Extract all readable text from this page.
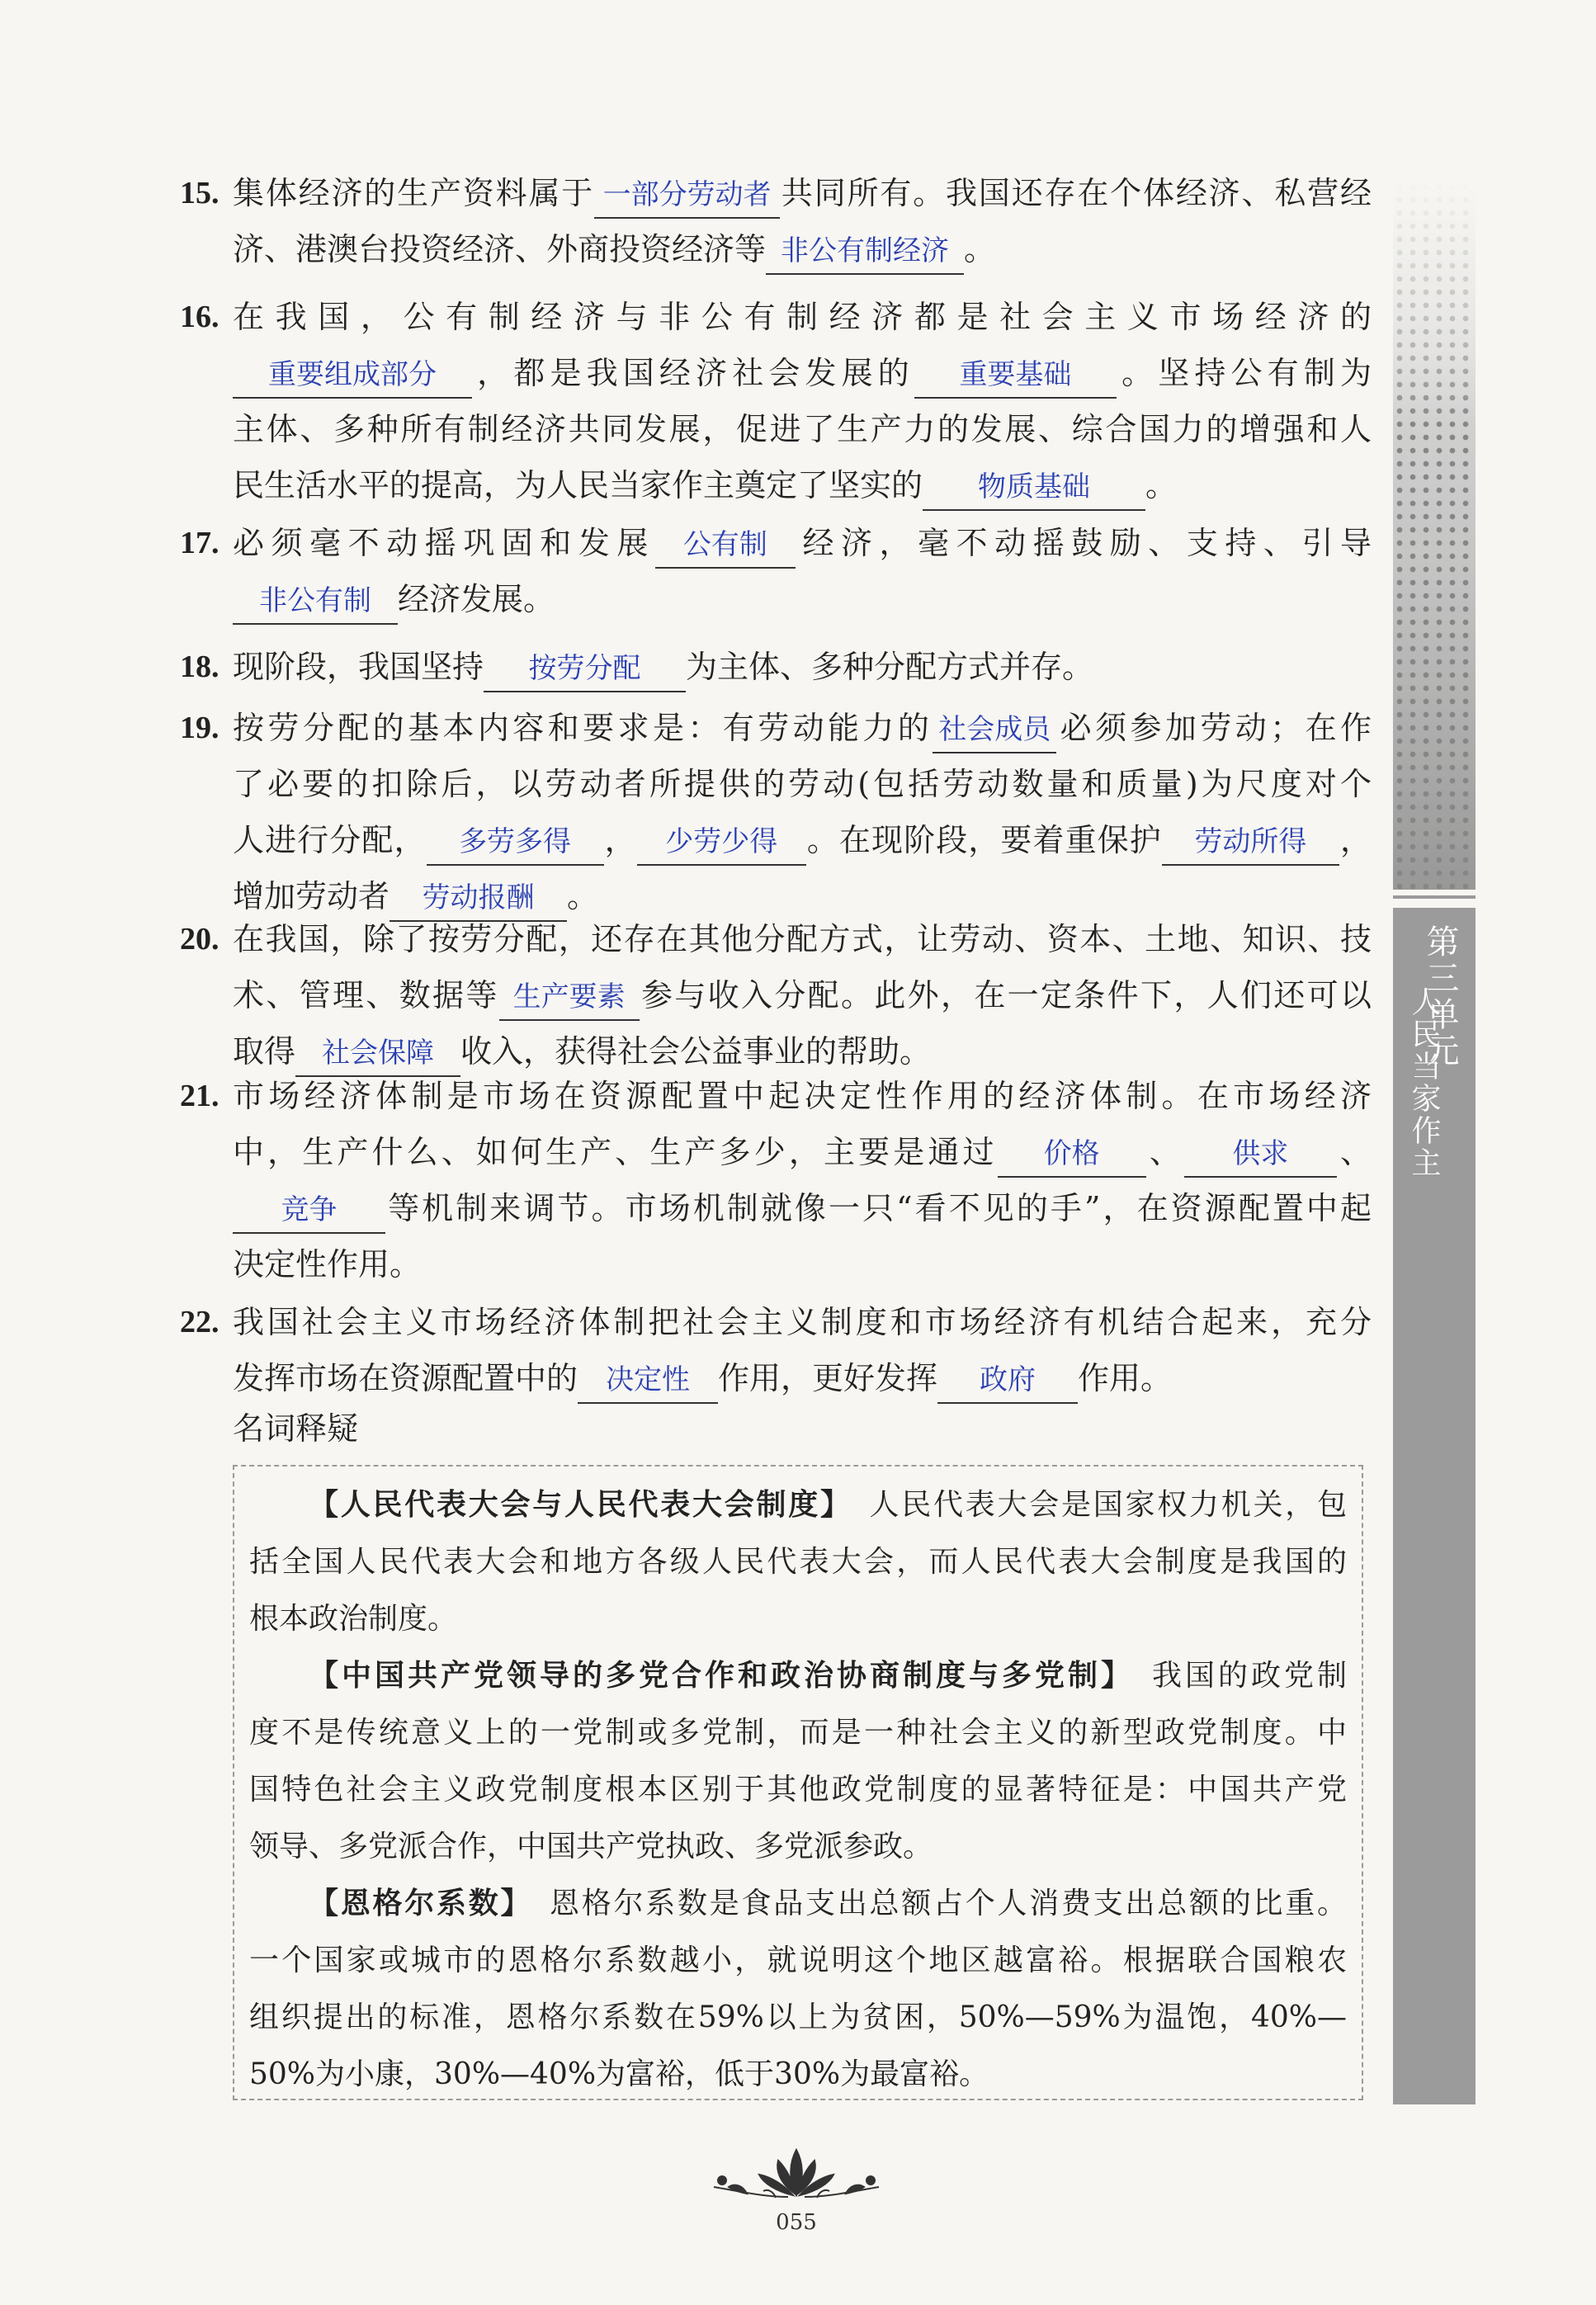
第三单元
人民当家作主
15. 集体经济的生产资料属于 一部分劳动者 共同所有。我国还存在个体经济、私营经
济、港澳台投资经济、外商投资经济等 非公有制经济 。
16. 在我国，公有制经济与非公有制经济都是社会主义市场经济的
重要组成部分 ，都是我国经济社会发展的 重要基础 。坚持公有制为
主体、多种所有制经济共同发展，促进了生产力的发展、综合国力的增强和人
民生活水平的提高，为人民当家作主奠定了坚实的 物质基础 。
17. 必须毫不动摇巩固和发展 公有制 经济，毫不动摇鼓励、支持、引导
非公有制 经济发展。
18. 现阶段，我国坚持 按劳分配 为主体、多种分配方式并存。
19. 按劳分配的基本内容和要求是：有劳动能力的 社会成员 必须参加劳动；在作
了必要的扣除后，以劳动者所提供的劳动(包括劳动数量和质量)为尺度对个
人进行分配， 多劳多得 ， 少劳少得 。在现阶段，要着重保护 劳动所得 ，
增加劳动者 劳动报酬 。
20. 在我国，除了按劳分配，还存在其他分配方式，让劳动、资本、土地、知识、技
术、管理、数据等 生产要素 参与收入分配。此外，在一定条件下，人们还可以
取得 社会保障 收入，获得社会公益事业的帮助。
21. 市场经济体制是市场在资源配置中起决定性作用的经济体制。在市场经济
中，生产什么、如何生产、生产多少，主要是通过 价格 、 供求 、
竞争 等机制来调节。市场机制就像一只“看不见的手”，在资源配置中起
决定性作用。
22. 我国社会主义市场经济体制把社会主义制度和市场经济有机结合起来，充分
发挥市场在资源配置中的 决定性 作用，更好发挥 政府 作用。
名词释疑

【人民代表大会与人民代表大会制度】  人民代表大会是国家权力机关，包
括全国人民代表大会和地方各级人民代表大会，而人民代表大会制度是我国的
根本政治制度。

【中国共产党领导的多党合作和政治协商制度与多党制】  我国的政党制
度不是传统意义上的一党制或多党制，而是一种社会主义的新型政党制度。中
国特色社会主义政党制度根本区别于其他政党制度的显著特征是：中国共产党
领导、多党派合作，中国共产党执政、多党派参政。

【恩格尔系数】  恩格尔系数是食品支出总额占个人消费支出总额的比重。
一个国家或城市的恩格尔系数越小，就说明这个地区越富裕。根据联合国粮农
组织提出的标准，恩格尔系数在59%以上为贫困，50%—59%为温饱，40%—
50%为小康，30%—40%为富裕，低于30%为最富裕。

055
